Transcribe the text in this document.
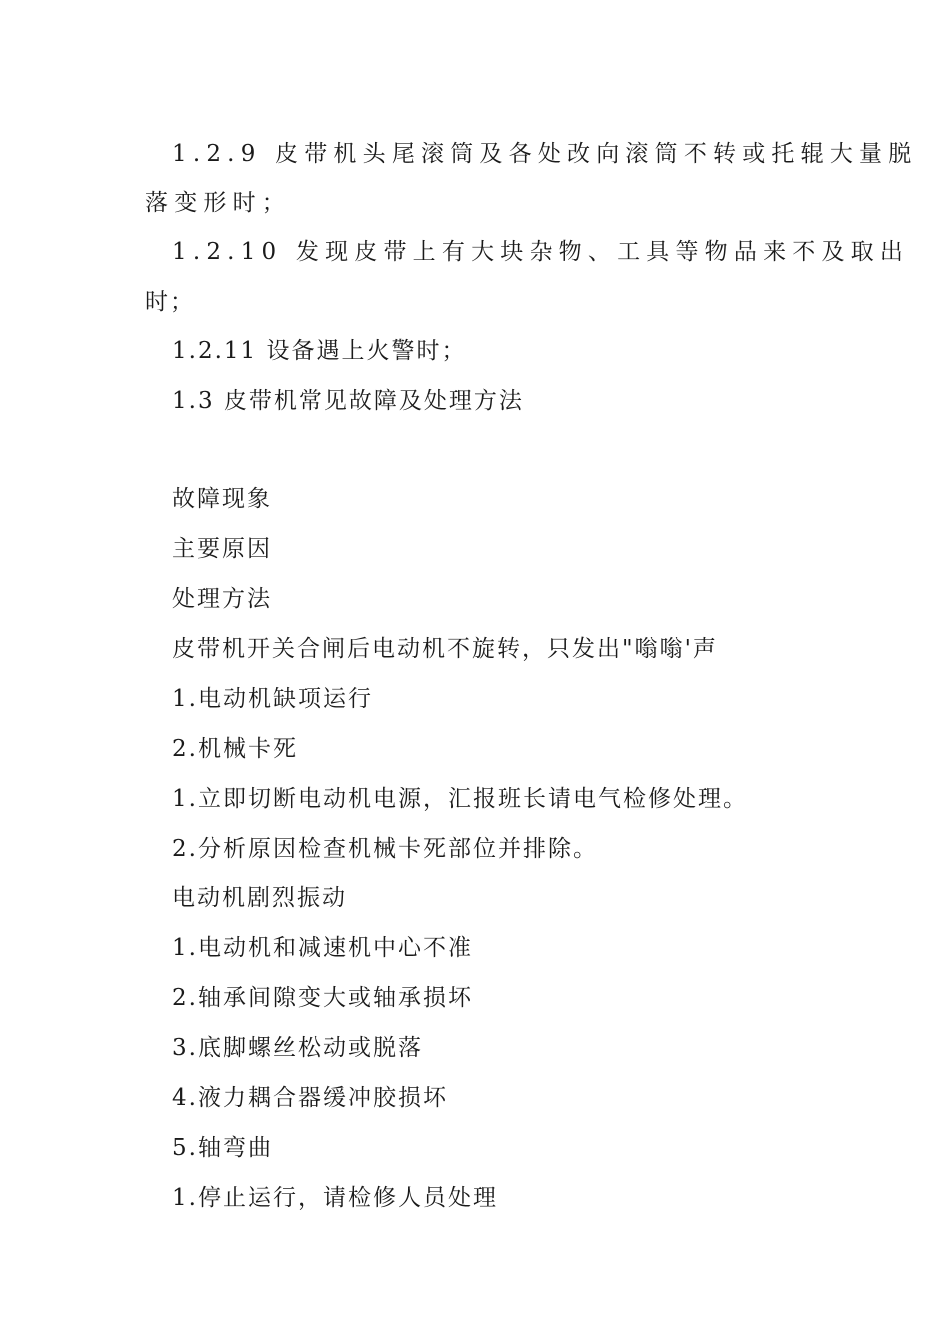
1.2.9 皮带机头尾滚筒及各处改向滚筒不转或托辊大量脱
落变形时；
1.2.10 发现皮带上有大块杂物、工具等物品来不及取出
时；
1.2.11 设备遇上火警时；
1.3 皮带机常见故障及处理方法
故障现象
主要原因
处理方法
皮带机开关合闸后电动机不旋转，只发出"嗡嗡'声
1.电动机缺项运行
2.机械卡死
1.立即切断电动机电源，汇报班长请电气检修处理。
2.分析原因检查机械卡死部位并排除。
电动机剧烈振动
1.电动机和减速机中心不准
2.轴承间隙变大或轴承损坏
3.底脚螺丝松动或脱落
4.液力耦合器缓冲胶损坏
5.轴弯曲
1.停止运行，请检修人员处理
